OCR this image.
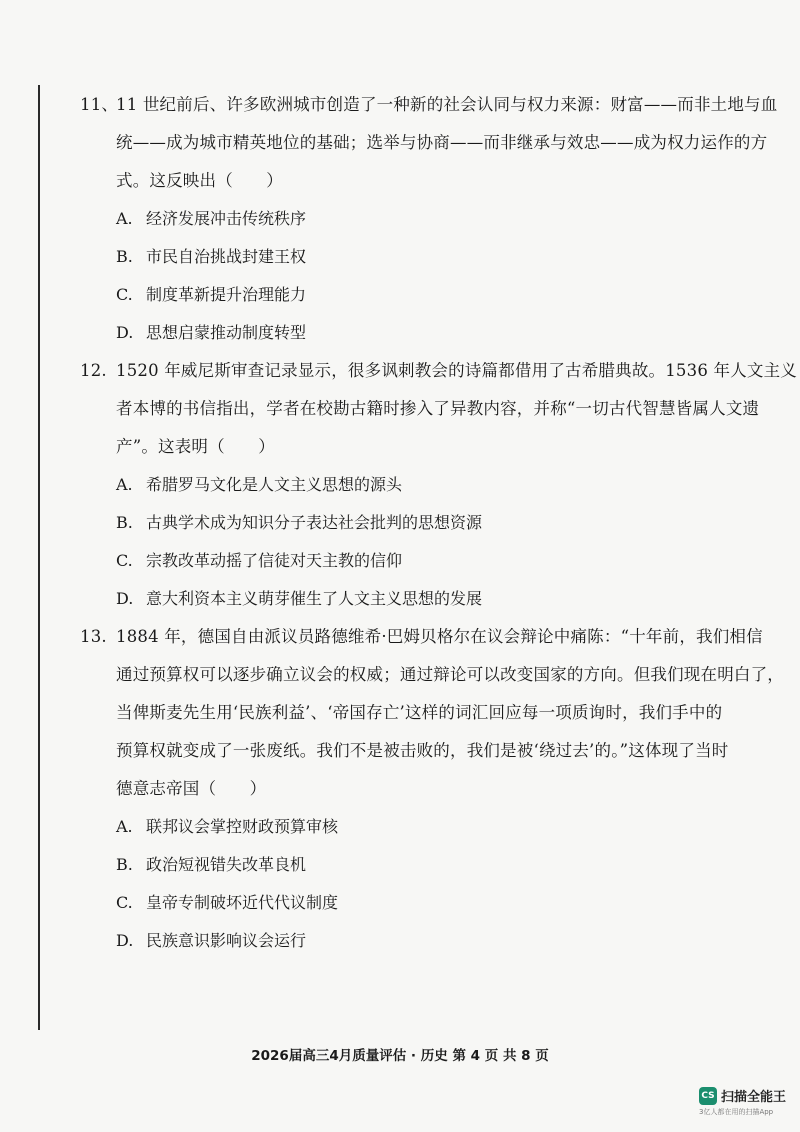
11、
11 世纪前后、许多欧洲城市创造了一种新的社会认同与权力来源：财富——而非土地与血
统——成为城市精英地位的基础；选举与协商——而非继承与效忠——成为权力运作的方
式。这反映出（　　）
A. 经济发展冲击传统秩序
B. 市民自治挑战封建王权
C. 制度革新提升治理能力
D. 思想启蒙推动制度转型
12. 1520 年威尼斯审查记录显示，很多讽刺教会的诗篇都借用了古希腊典故。1536 年人文主义
者本博的书信指出，学者在校勘古籍时掺入了异教内容，并称“一切古代智慧皆属人文遗
产”。这表明（　　）
A. 希腊罗马文化是人文主义思想的源头
B. 古典学术成为知识分子表达社会批判的思想资源
C. 宗教改革动摇了信徒对天主教的信仰
D. 意大利资本主义萌芽催生了人文主义思想的发展
13. 1884 年，德国自由派议员路德维希·巴姆贝格尔在议会辩论中痛陈：“十年前，我们相信
通过预算权可以逐步确立议会的权威；通过辩论可以改变国家的方向。但我们现在明白了，
当俾斯麦先生用‘民族利益’、‘帝国存亡’这样的词汇回应每一项质询时，我们手中的
预算权就变成了一张废纸。我们不是被击败的，我们是被‘绕过去’的。”这体现了当时
德意志帝国（　　）
A. 联邦议会掌控财政预算审核
B. 政治短视错失改革良机
C. 皇帝专制破坏近代代议制度
D. 民族意识影响议会运行
2026届高三4月质量评估 · 历史 第 4 页 共 8 页
CS 扫描全能王
3亿人都在用的扫描App
